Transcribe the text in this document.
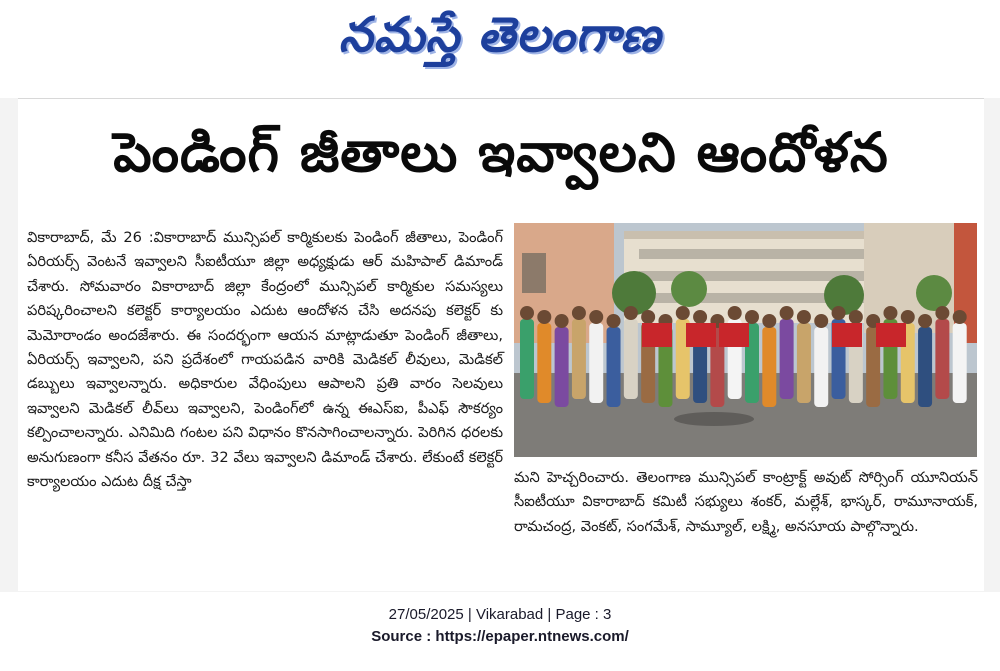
నమస్తే తెలంగాణ
పెండింగ్ జీతాలు ఇవ్వాలని ఆందోళన

వికారాబాద్, మే 26 :వికారాబాద్ మున్సిపల్ కార్మికులకు పెండింగ్ జీతాలు, పెండింగ్ ఏరియర్స్ వెంటనే ఇవ్వాలని సీఐటీయూ జిల్లా అధ్యక్షుడు ఆర్ మహిపాల్ డిమాండ్ చేశారు. సోమవారం వికారాబాద్ జిల్లా కేంద్రంలో మున్సిపల్ కార్మికుల సమస్యలు పరిష్కరించాలని కలెక్టర్ కార్యాలయం ఎదుట ఆందోళన చేసి అదనపు కలెక్టర్ కు మెమోరాండం అందజేశారు. ఈ సందర్భంగా ఆయన మాట్లాడుతూ పెండింగ్ జీతాలు, ఏరియర్స్ ఇవ్వాలని, పని ప్రదేశంలో గాయపడిన వారికి మెడికల్ లీవులు, మెడికల్ డబ్బులు ఇవ్వాలన్నారు. అధికారుల వేధింపులు ఆపాలని ప్రతి వారం సెలవులు ఇవ్వాలని మెడికల్ లీవ్‌లు ఇవ్వాలని, పెండింగ్‌లో ఉన్న ఈఎస్ఐ, పీఎఫ్ సౌకర్యం కల్పించాలన్నారు. ఎనిమిది గంటల పని విధానం కొనసాగించాలన్నారు. పెరిగిన ధరలకు అనుగుణంగా కనీస వేతనం రూ. 32 వేలు ఇవ్వాలని డిమాండ్ చేశారు. లేకుంటే కలెక్టర్ కార్యాలయం ఎదుట దీక్ష చేస్తా	మని హెచ్చరించారు. తెలంగాణ మున్సిపల్ కాంట్రాక్ట్ అవుట్ సోర్సింగ్ యూనియన్ సీఐటీయూ వికారాబాద్ కమిటీ సభ్యులు శంకర్, మల్లేశ్, భాస్కర్, రామూనాయక్, రామచంద్ర, వెంకట్, సంగమేశ్, సామ్యూల్, లక్ష్మి, అనసూయ పాల్గొన్నారు.

27/05/2025 | Vikarabad | Page : 3
Source : https://epaper.ntnews.com/
